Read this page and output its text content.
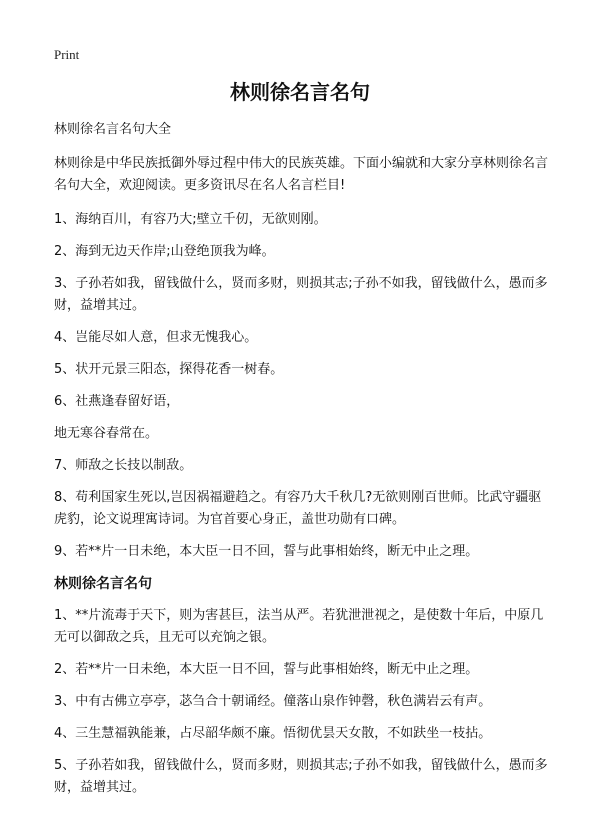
Print
林则徐名言名句

林则徐名言名句大全

林则徐是中华民族抵御外辱过程中伟大的民族英雄。下面小编就和大家分享林则徐名言名句大全，欢迎阅读。更多资讯尽在名人名言栏目!

1、海纳百川，有容乃大;壁立千仞，无欲则刚。

2、海到无边天作岸;山登绝顶我为峰。

3、子孙若如我，留钱做什么，贤而多财，则损其志;子孙不如我，留钱做什么，愚而多财，益增其过。

4、岂能尽如人意，但求无愧我心。

5、状开元景三阳态，探得花香一树春。

6、社燕逢春留好语，

地无寒谷春常在。

7、师敌之长技以制敌。

8、苟利国家生死以,岂因祸福避趋之。有容乃大千秋几?无欲则刚百世师。比武守疆驱虎豹，论文说理寓诗词。为官首要心身正，盖世功勋有口碑。

9、若**片一日未绝，本大臣一日不回，誓与此事相始终，断无中止之理。

林则徐名言名句

1、**片流毒于天下，则为害甚巨，法当从严。若犹泄泄视之，是使数十年后，中原几无可以御敌之兵，且无可以充饷之银。

2、若**片一日未绝，本大臣一日不回，誓与此事相始终，断无中止之理。

3、中有古佛立亭亭，苾刍合十朝诵经。僮落山泉作钟磬，秋色满岩云有声。

4、三生慧福孰能兼，占尽韶华颇不廉。悟彻优昙天女散，不如趺坐一枝拈。

5、子孙若如我，留钱做什么，贤而多财，则损其志;子孙不如我，留钱做什么，愚而多财，益增其过。
